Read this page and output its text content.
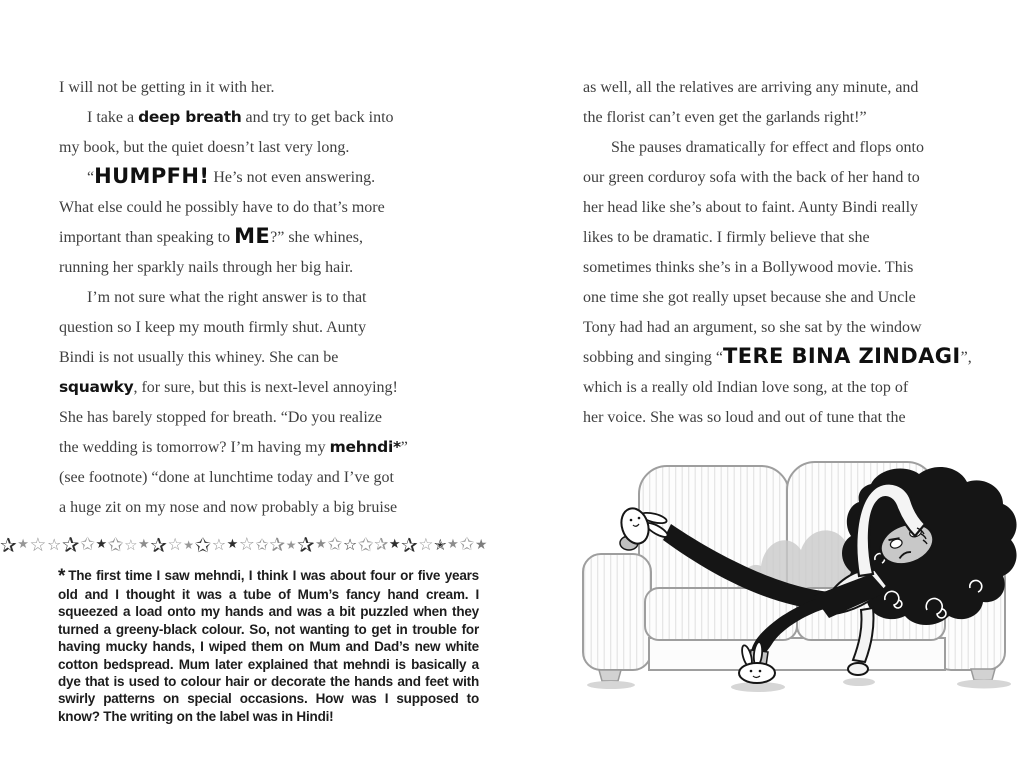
I will not be getting in it with her.
I take a deep breath and try to get back into
my book, but the quiet doesn’t last very long.
“HUMPFH! He’s not even answering.
What else could he possibly have to do that’s more
important than speaking to ME?” she whines,
running her sparkly nails through her big hair.
I’m not sure what the right answer is to that
question so I keep my mouth firmly shut. Aunty
Bindi is not usually this whiney. She can be
squawky, for sure, but this is next-level annoying!
She has barely stopped for breath. “Do you realize
the wedding is tomorrow? I’m having my mehndi*”
(see footnote) “done at lunchtime today and I’ve got
a huge zit on my nose and now probably a big bruise
✰★☆☆✰✩★✩☆★✰☆★✩☆★☆✩✰★✰★✩☆✩✰★✰☆✭★✩★
* The first time I saw mehndi, I think I was about four or five years old and I thought it was a tube of Mum’s fancy hand cream. I squeezed a load onto my hands and was a bit puzzled when they turned a greeny-black colour. So, not wanting to get in trouble for having mucky hands, I wiped them on Mum and Dad’s new white cotton bedspread. Mum later explained that mehndi is basically a dye that is used to colour hair or decorate the hands and feet with swirly patterns on special occasions. How was I supposed to know? The writing on the label was in Hindi!
as well, all the relatives are arriving any minute, and
the florist can’t even get the garlands right!”
She pauses dramatically for effect and flops onto
our green corduroy sofa with the back of her hand to
her head like she’s about to faint. Aunty Bindi really
likes to be dramatic. I firmly believe that she
sometimes thinks she’s in a Bollywood movie. This
one time she got really upset because she and Uncle
Tony had had an argument, so she sat by the window
sobbing and singing “TERE BINA ZINDAGI”,
which is a really old Indian love song, at the top of
her voice. She was so loud and out of tune that the
